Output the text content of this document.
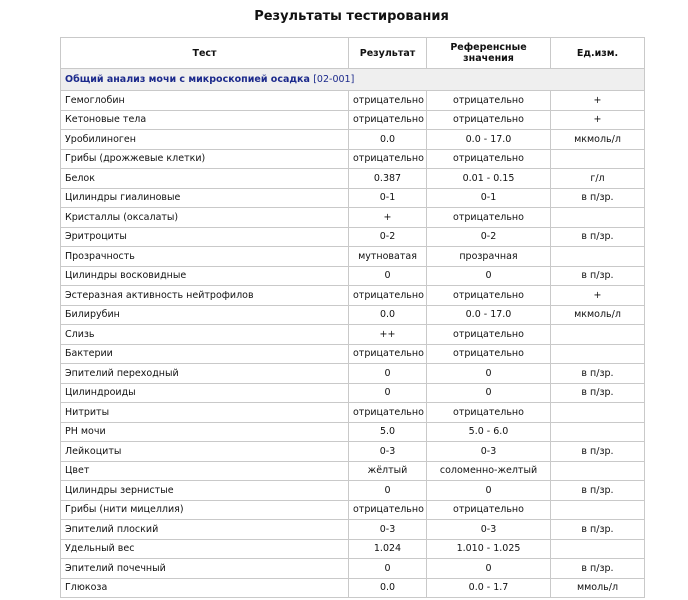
Результаты тестирования
Тест	Результат	Референсные значения	Ед.изм.
Общий анализ мочи с микроскопией осадка [02-001]			
Гемоглобин	отрицательно	отрицательно	+
Кетоновые тела	отрицательно	отрицательно	+
Уробилиноген	0.0	0.0 - 17.0	мкмоль/л
Грибы (дрожжевые клетки)	отрицательно	отрицательно	
Белок	0.387	0.01 - 0.15	г/л
Цилиндры гиалиновые	0-1	0-1	в п/зр.
Кристаллы (оксалаты)	+	отрицательно	
Эритроциты	0-2	0-2	в п/зр.
Прозрачность	мутноватая	прозрачная	
Цилиндры восковидные	0	0	в п/зр.
Эстеразная активность нейтрофилов	отрицательно	отрицательно	+
Билирубин	0.0	0.0 - 17.0	мкмоль/л
Слизь	++	отрицательно	
Бактерии	отрицательно	отрицательно	
Эпителий переходный	0	0	в п/зр.
Цилиндроиды	0	0	в п/зр.
Нитриты	отрицательно	отрицательно	
PH мочи	5.0	5.0 - 6.0	
Лейкоциты	0-3	0-3	в п/зр.
Цвет	жёлтый	соломенно-желтый	
Цилиндры зернистые	0	0	в п/зр.
Грибы (нити мицеллия)	отрицательно	отрицательно	
Эпителий плоский	0-3	0-3	в п/зр.
Удельный вес	1.024	1.010 - 1.025	
Эпителий почечный	0	0	в п/зр.
Глюкоза	0.0	0.0 - 1.7	ммоль/л
